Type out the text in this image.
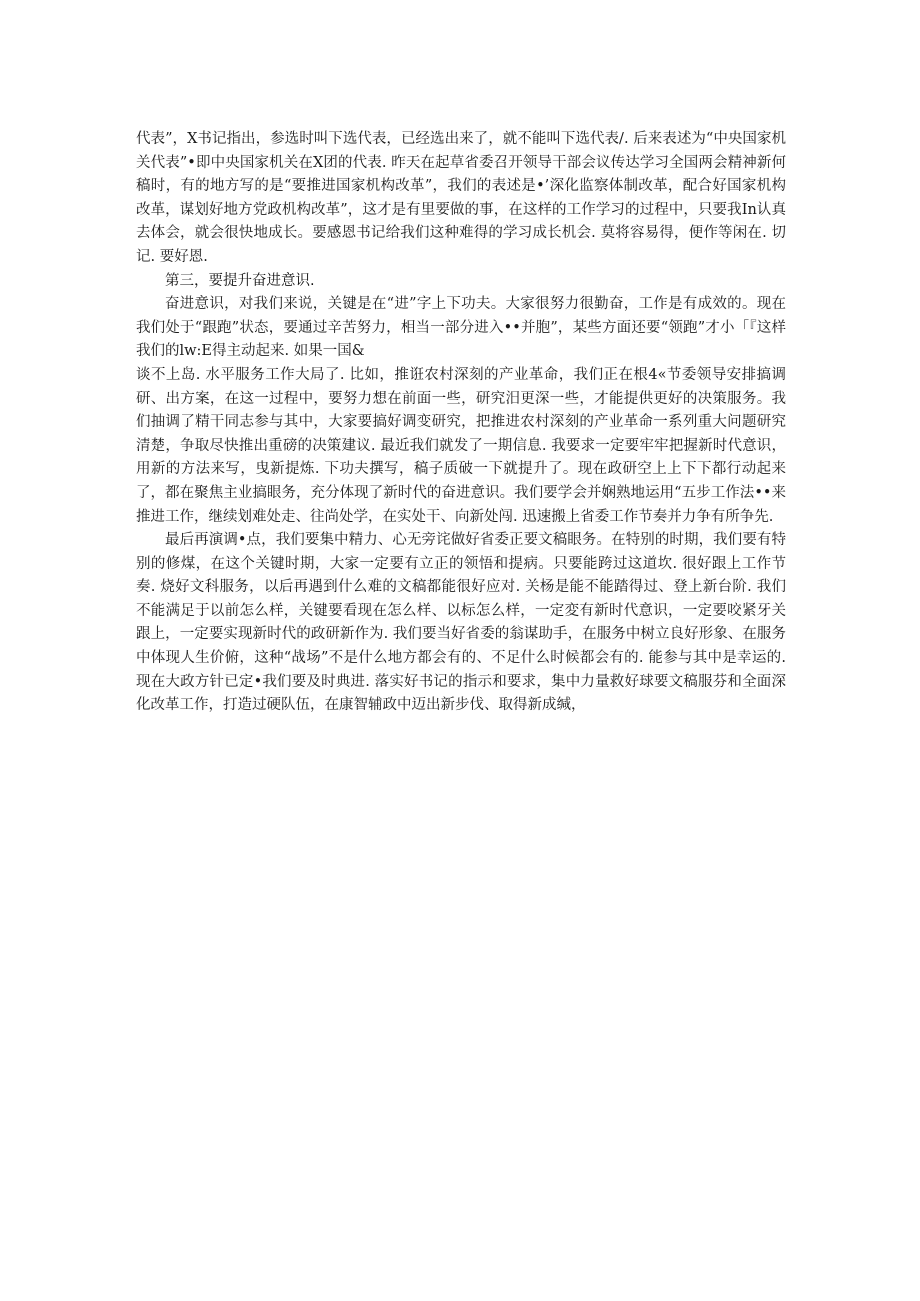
代表”，X书记指出，参选时叫下选代表，已经选出来了，就不能叫下选代表/. 后来表述为“中央国家机关代表”•即中央国家机关在X团的代表. 昨天在起草省委召开领导干部会议传达学习全国两会精神新何稿时，有的地方写的是“要推进国家机构改革”，我们的表述是•’深化监察体制改革，配合好国家机构改革，谋划好地方党政机构改革”，这才是有里要做的事，在这样的工作学习的过程中，只要我In认真去体会，就会很快地成长。要感恩书记给我们这种难得的学习成长机会. 莫将容易得，便作等闲在. 切记. 要好恩.

第三，要提升奋进意识.

奋进意识，对我们来说，关键是在“进”字上下功夫。大家很努力很勤奋，工作是有成效的。现在我们处于“跟跑”状态，要通过辛苦努力，相当一部分进入••并胞”，某些方面还要“领跑”才小「『这样我们的lw:E得主动起来. 如果一国&

谈不上岛. 水平服务工作大局了. 比如，推诳农村深刻的产业革命，我们正在根4«节委领导安排搞调研、出方案，在这一过程中，要努力想在前面一些，研究汨更深一些，才能提供更好的决策服务。我们抽调了精干同志参与其中，大家要搞好调变研究，把推进农村深刻的产业革命一系列重大问题研究清楚，争取尽快推出重磅的决策建议. 最近我们就发了一期信息. 我要求一定要牢牢把握新时代意识，用新的方法来写，曳新提炼. 下功夫撰写，稿子质破一下就提升了。现在政研空上上下下都行动起来了，都在聚焦主业搞眼务，充分体现了新时代的奋进意识。我们要学会并娴熟地运用“五步工作法••来推进工作，继续划难处走、往尚处学，在实处干、向新处闯. 迅速搬上省委工作节奏并力争有所争先.

最后再演调•点，我们要集中精力、心无旁诧做好省委正要文稿眼务。在特别的时期，我们要有特别的修煤，在这个关键时期，大家一定要有立正的领悟和提病。只要能跨过这道坎. 很好跟上工作节奏. 烧好文科服务，以后再遇到什么难的文稿都能很好应对. 关杨是能不能踏得过、登上新台阶. 我们不能满足于以前怎么样，关键要看现在怎么样、以标怎么样，一定変有新时代意识，一定要咬紧牙关跟上，一定要实现新时代的政研新作为. 我们要当好省委的翁谋助手，在服务中树立良好形象、在服务中体现人生价俯，这种“战场”不是什么地方都会有的、不足什么时候都会有的. 能参与其中是幸运的. 现在大政方针已定•我们要及时典进. 落实好书记的指示和要求，集中力量救好球要文稿服芬和全面深化改革工作，打造过硬队伍，在康智辅政中迈出新步伐、取得新成缄，
